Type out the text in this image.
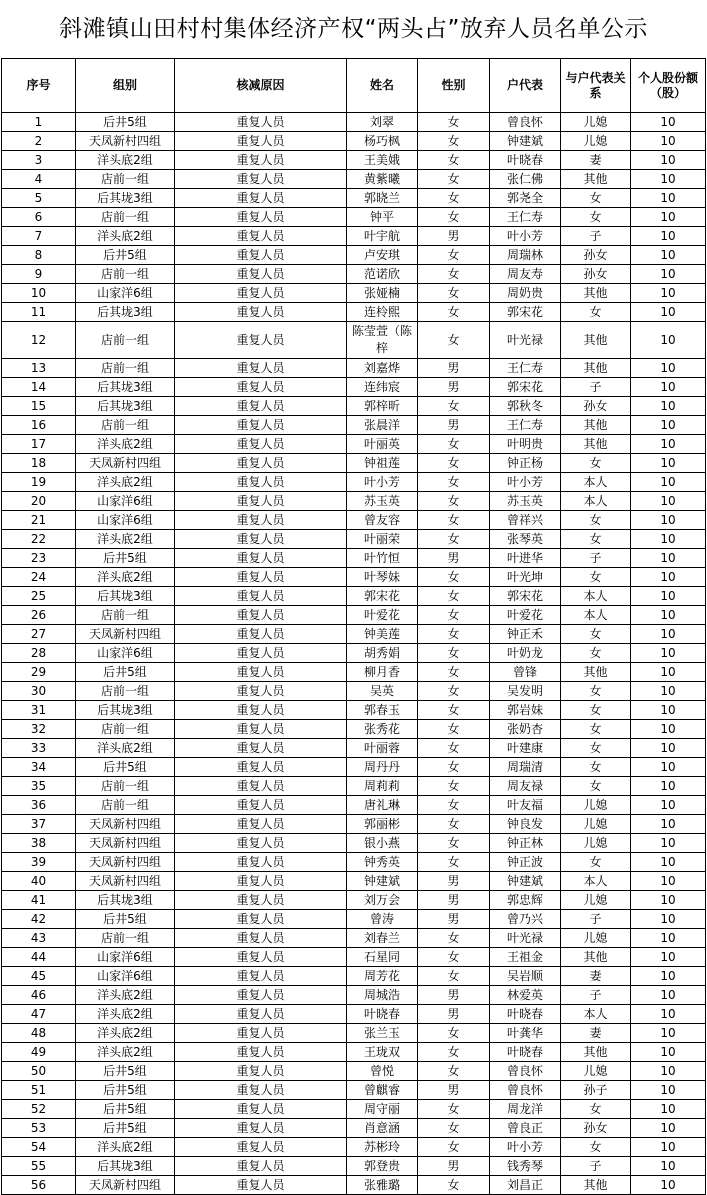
斜滩镇山田村村集体经济产权“两头占”放弃人员名单公示
序号	组别	核减原因	姓名	性别	户代表	与户代表关系	个人股份额（股）
1	后井5组	重复人员	刘翠	女	曾良怀	儿媳	10
2	天凤新村四组	重复人员	杨巧枫	女	钟建斌	儿媳	10
3	洋头底2组	重复人员	王美娥	女	叶晓春	妻	10
4	店前一组	重复人员	黄紫曦	女	张仁佛	其他	10
5	后其垅3组	重复人员	郭晓兰	女	郭尧全	女	10
6	店前一组	重复人员	钟平	女	王仁寿	女	10
7	洋头底2组	重复人员	叶宇航	男	叶小芳	子	10
8	后井5组	重复人员	卢安琪	女	周瑞林	孙女	10
9	店前一组	重复人员	范诺欣	女	周友寿	孙女	10
10	山家洋6组	重复人员	张娅楠	女	周奶贵	其他	10
11	后其垅3组	重复人员	连柃熙	女	郭宋花	女	10
12	店前一组	重复人员	陈莹萱（陈梓	女	叶光禄	其他	10
13	店前一组	重复人员	刘嘉烨	男	王仁寿	其他	10
14	后其垅3组	重复人员	连纬宸	男	郭宋花	子	10
15	后其垅3组	重复人员	郭梓昕	女	郭秋冬	孙女	10
16	店前一组	重复人员	张晨洋	男	王仁寿	其他	10
17	洋头底2组	重复人员	叶丽英	女	叶明贵	其他	10
18	天凤新村四组	重复人员	钟祖莲	女	钟正杨	女	10
19	洋头底2组	重复人员	叶小芳	女	叶小芳	本人	10
20	山家洋6组	重复人员	苏玉英	女	苏玉英	本人	10
21	山家洋6组	重复人员	曾友容	女	曾祥兴	女	10
22	洋头底2组	重复人员	叶丽荣	女	张琴英	女	10
23	后井5组	重复人员	叶竹恒	男	叶进华	子	10
24	洋头底2组	重复人员	叶琴妹	女	叶光坤	女	10
25	后其垅3组	重复人员	郭宋花	女	郭宋花	本人	10
26	店前一组	重复人员	叶爱花	女	叶爱花	本人	10
27	天凤新村四组	重复人员	钟美莲	女	钟正禾	女	10
28	山家洋6组	重复人员	胡秀娟	女	叶奶龙	女	10
29	后井5组	重复人员	柳月香	女	曾锋	其他	10
30	店前一组	重复人员	吴英	女	吴发明	女	10
31	后其垅3组	重复人员	郭春玉	女	郭岩妹	女	10
32	店前一组	重复人员	张秀花	女	张奶杏	女	10
33	洋头底2组	重复人员	叶丽蓉	女	叶建康	女	10
34	后井5组	重复人员	周丹丹	女	周瑞清	女	10
35	店前一组	重复人员	周莉莉	女	周友禄	女	10
36	店前一组	重复人员	唐礼琳	女	叶友福	儿媳	10
37	天凤新村四组	重复人员	郭丽彬	女	钟良发	儿媳	10
38	天凤新村四组	重复人员	银小燕	女	钟正林	儿媳	10
39	天凤新村四组	重复人员	钟秀英	女	钟正波	女	10
40	天凤新村四组	重复人员	钟建斌	男	钟建斌	本人	10
41	后其垅3组	重复人员	刘万会	男	郭忠辉	儿媳	10
42	后井5组	重复人员	曾涛	男	曾乃兴	子	10
43	店前一组	重复人员	刘春兰	女	叶光禄	儿媳	10
44	山家洋6组	重复人员	石星同	女	王祖金	其他	10
45	山家洋6组	重复人员	周芳花	女	吴岩顺	妻	10
46	洋头底2组	重复人员	周城浩	男	林爱英	子	10
47	洋头底2组	重复人员	叶晓春	男	叶晓春	本人	10
48	洋头底2组	重复人员	张兰玉	女	叶龚华	妻	10
49	洋头底2组	重复人员	王珑双	女	叶晓春	其他	10
50	后井5组	重复人员	曾悦	女	曾良怀	儿媳	10
51	后井5组	重复人员	曾麒睿	男	曾良怀	孙子	10
52	后井5组	重复人员	周守丽	女	周龙洋	女	10
53	后井5组	重复人员	肖意涵	女	曾良正	孙女	10
54	洋头底2组	重复人员	苏彬玲	女	叶小芳	女	10
55	后其垅3组	重复人员	郭登贵	男	钱秀琴	子	10
56	天凤新村四组	重复人员	张雅璐	女	刘昌正	其他	10
